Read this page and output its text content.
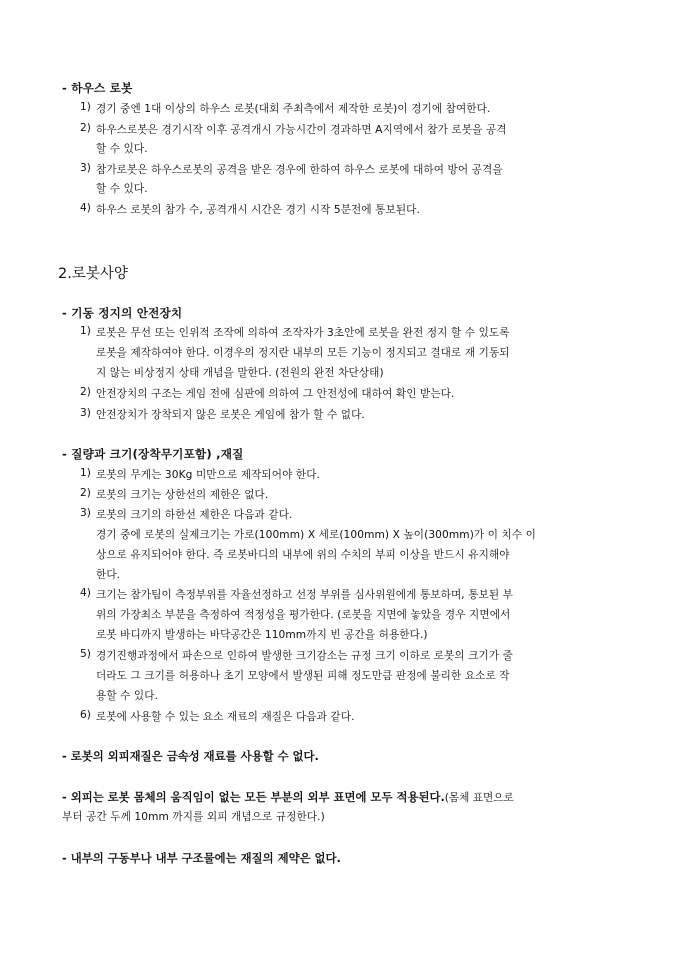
- 하우스 로봇
1) 경기 중엔 1대 이상의 하우스 로봇(대회 주최측에서 제작한 로봇)이 경기에 참여한다.
2) 하우스로봇은 경기시작 이후 공격개시 가능시간이 경과하면 A지역에서 참가 로봇을 공격
할 수 있다.
3) 참가로봇은 하우스로봇의 공격을 받은 경우에 한하여 하우스 로봇에 대하여 방어 공격을
할 수 있다.
4) 하우스 로봇의 참가 수, 공격개시 시간은 경기 시작 5분전에 통보된다.
2.로봇사양
- 기동 정지의 안전장치
1) 로봇은 무선 또는 인위적 조작에 의하여 조작자가 3초안에 로봇을 완전 정지 할 수 있도록
로봇을 제작하여야 한다. 이경우의 정지란 내부의 모든 기능이 정지되고 결대로 재 기동되
지 않는 비상정지 상태 개념을 말한다. (전원의 완전 차단상태)
2) 안전장치의 구조는 게임 전에 심판에 의하여 그 안전성에 대하여 확인 받는다.
3) 안전장치가 장착되지 않은 로봇은 게임에 참가 할 수 없다.
- 질량과 크기(장착무기포함) ,재질
1) 로봇의 무게는 30Kg 미만으로 제작되어야 한다.
2) 로봇의 크기는 상한선의 제한은 없다.
3) 로봇의 크기의 하한선 제한은 다음과 같다.
경기 중에 로봇의 실제크기는 가로(100mm) X 세로(100mm) X 높이(300mm)가 이 치수 이
상으로 유지되어야 한다. 즉 로봇바디의 내부에 위의 수치의 부피 이상을 반드시 유지해야
한다.
4) 크기는 참가팀이 측정부위를 자율선정하고 선정 부위를 심사위원에게 통보하며, 통보된 부
위의 가장최소 부분을 측정하여 적정성을 평가한다. (로봇을 지면에 놓았을 경우 지면에서
로봇 바디까지 발생하는 바닥공간은 110mm까지 빈 공간을 허용한다.)
5) 경기진행과정에서 파손으로 인하여 발생한 크기감소는 규정 크기 이하로 로봇의 크기가 줄
더라도 그 크기를 허용하나 초기 모양에서 발생된 피해 정도만큼 판정에 불리한 요소로 작
용할 수 있다.
6) 로봇에 사용할 수 있는 요소 재료의 재질은 다음과 같다.
- 로봇의 외피재질은 금속성 재료를 사용할 수 없다.
- 외피는 로봇 몸체의 움직임이 없는 모든 부분의 외부 표면에 모두 적용된다.(몸체 표면으로
부터 공간 두께 10mm 까지를 외피 개념으로 규정한다.)
- 내부의 구동부나 내부 구조물에는 재질의 제약은 없다.
